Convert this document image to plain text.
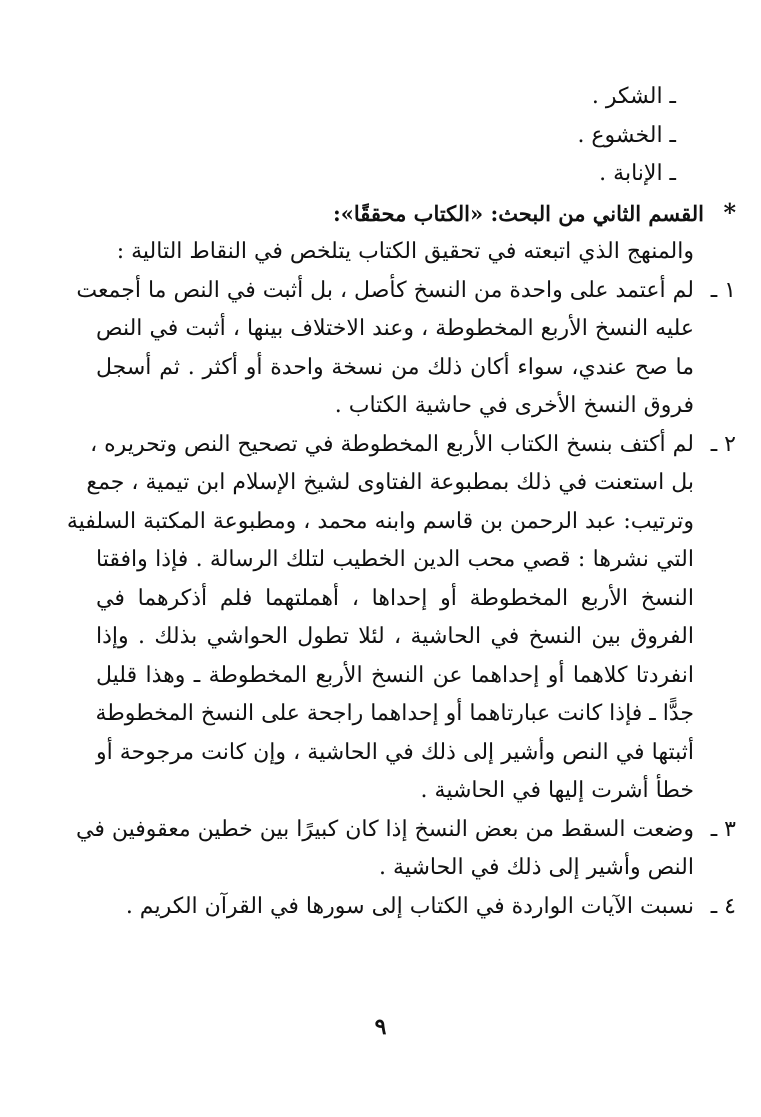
ـ الشكر .
ـ الخشوع .
ـ الإنابة .
*القسم الثاني من البحث: «الكتاب محققًا»:
والمنهج الذي اتبعته في تحقيق الكتاب يتلخص في النقاط التالية :
١ ـ
لم أعتمد على واحدة من النسخ كأصل ، بل أثبت في النص ما أجمعت
عليه النسخ الأربع المخطوطة ، وعند الاختلاف بينها ، أثبت في النص
ما صح عندي، سواء أكان ذلك من نسخة واحدة أو أكثر . ثم أسجل
فروق النسخ الأخرى في حاشية الكتاب .
٢ ـ
لم أكتف بنسخ الكتاب الأربع المخطوطة في تصحيح النص وتحريره ،
بل استعنت في ذلك بمطبوعة الفتاوى لشيخ الإسلام ابن تيمية ، جمع
وترتيب: عبد الرحمن بن قاسم وابنه محمد ، ومطبوعة المكتبة السلفية
التي نشرها : قصي محب الدين الخطيب لتلك الرسالة . فإذا وافقتا
النسخ الأربع المخطوطة أو إحداها ، أهملتهما فلم أذكرهما في
الفروق بين النسخ في الحاشية ، لئلا تطول الحواشي بذلك . وإذا
انفردتا كلاهما أو إحداهما عن النسخ الأربع المخطوطة ـ وهذا قليل
جدًّا ـ فإذا كانت عبارتاهما أو إحداهما راجحة على النسخ المخطوطة
أثبتها في النص وأشير إلى ذلك في الحاشية ، وإن كانت مرجوحة أو
خطأ أشرت إليها في الحاشية .
٣ ـ
وضعت السقط من بعض النسخ إذا كان كبيرًا بين خطين معقوفين في
النص وأشير إلى ذلك في الحاشية .
٤ ـ
نسبت الآيات الواردة في الكتاب إلى سورها في القرآن الكريم .
٩
